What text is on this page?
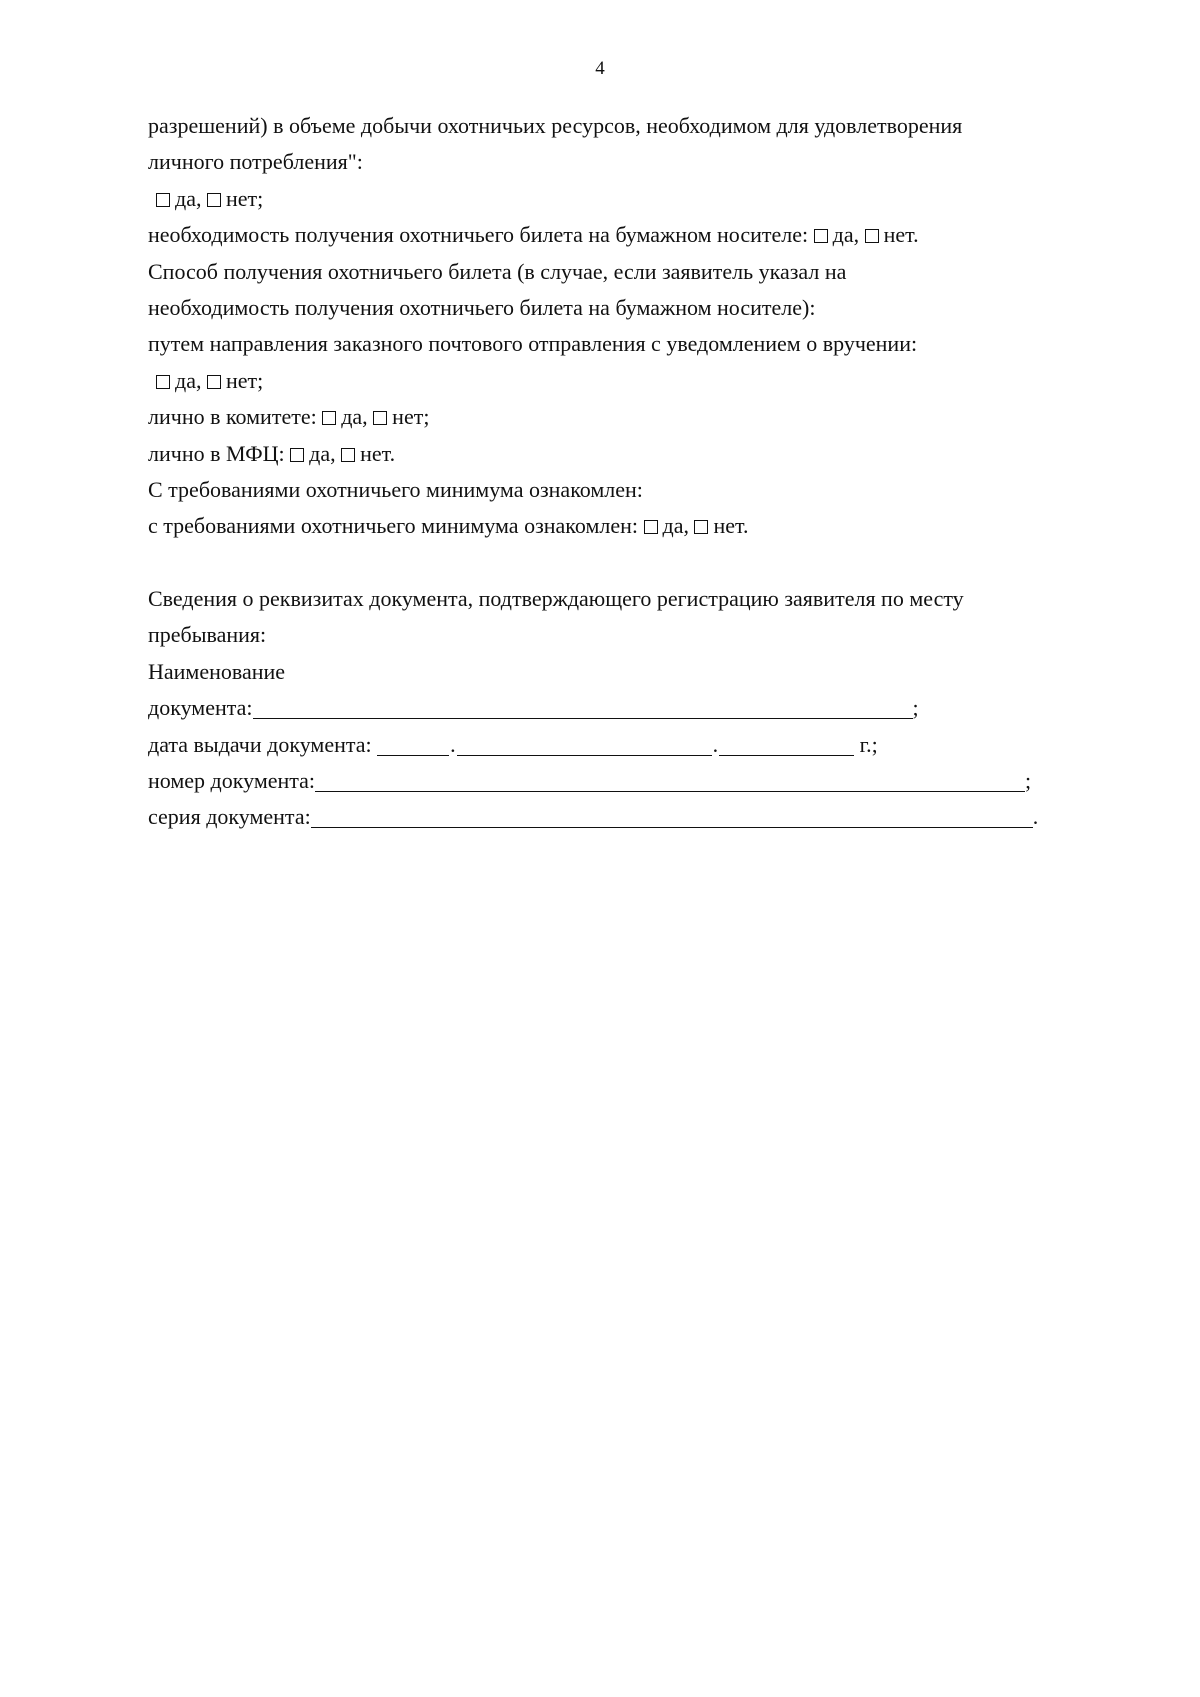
4
разрешений) в объеме добычи охотничьих ресурсов, необходимом для удовлетворения
личного потребления":
да, нет;
необходимость получения охотничьего билета на бумажном носителе: да, нет.
Способ получения охотничьего билета (в случае, если заявитель указал на
необходимость получения охотничьего билета на бумажном носителе):
путем направления заказного почтового отправления с уведомлением о вручении:
да, нет;
лично в комитете: да, нет;
лично в МФЦ: да, нет.
С требованиями охотничьего минимума ознакомлен:
с требованиями охотничьего минимума ознакомлен: да, нет.
Сведения о реквизитах документа, подтверждающего регистрацию заявителя по месту
пребывания:
Наименование
документа:	;
дата выдачи документа:	.	.	г.;
номер документа:	;
серия документа:	.
